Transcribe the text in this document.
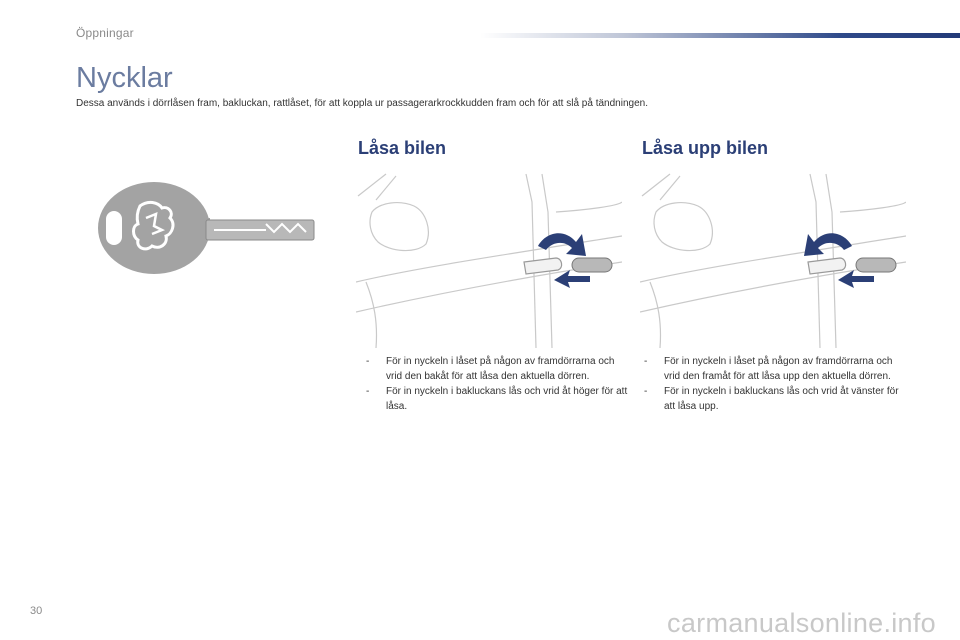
Öppningar
Nycklar
Dessa används i dörrlåsen fram, bakluckan, rattlåset, för att koppla ur passagerarkrockkudden fram och för att slå på tändningen.
Låsa bilen	Låsa upp bilen
- För in nyckeln i låset på någon av framdörrarna och vrid den bakåt för att låsa den aktuella dörren.
- För in nyckeln i bakluckans lås och vrid åt höger för att låsa.
- För in nyckeln i låset på någon av framdörrarna och vrid den framåt för att låsa upp den aktuella dörren.
- För in nyckeln i bakluckans lås och vrid åt vänster för att låsa upp.
30	carmanualsonline.info
